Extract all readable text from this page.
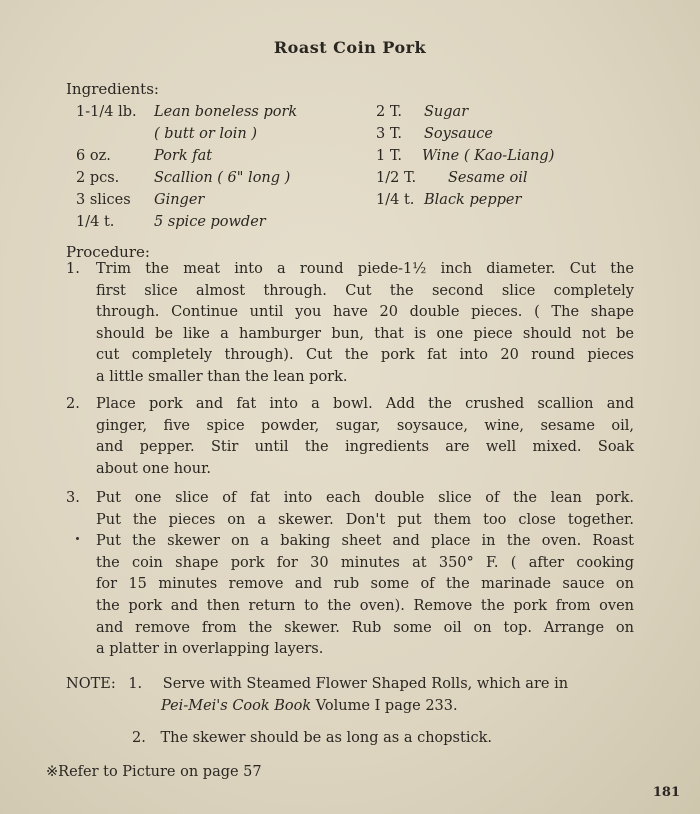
Roast Coin Pork
Ingredients:
1-1/4 lb. Lean boneless pork
( butt or loin )
6 oz.	Pork fat
2 pcs. Scallion ( 6" long )
3 slices Ginger
1/4 t.	5 spice powder
2 T. Sugar
3 T. Soysauce
1 T. Wine ( Kao-Liang)
1/2 T. Sesame oil
1/4 t. Black pepper
Procedure:
1. Trim the meat into a round piede-1½ inch diameter. Cut the
first slice almost through. Cut the second slice completely
through. Continue until you have 20 double pieces. ( The shape
should be like a hamburger bun, that is one piece should not be
cut completely through). Cut the pork fat into 20 round pieces
a little smaller than the lean pork.
2. Place pork and fat into a bowl. Add the crushed scallion and
ginger, five spice powder, sugar, soysauce, wine, sesame oil,
and pepper. Stir until the ingredients are well mixed. Soak
about one hour.
3. Put one slice of fat into each double slice of the lean pork.
Put the pieces on a skewer. Don't put them too close together.
Put the skewer on a baking sheet and place in the oven. Roast
the coin shape pork for 30 minutes at 350° F. ( after cooking
for 15 minutes remove and rub some of the marinade sauce on
the pork and then return to the oven). Remove the pork from oven
and remove from the skewer. Rub some oil on top. Arrange on
a platter in overlapping layers.
NOTE: 1. Serve with Steamed Flower Shaped Rolls, which are in
Pei-Mei's Cook Book Volume I page 233.
2. The skewer should be as long as a chopstick.
※Refer to Picture on page 57
181
